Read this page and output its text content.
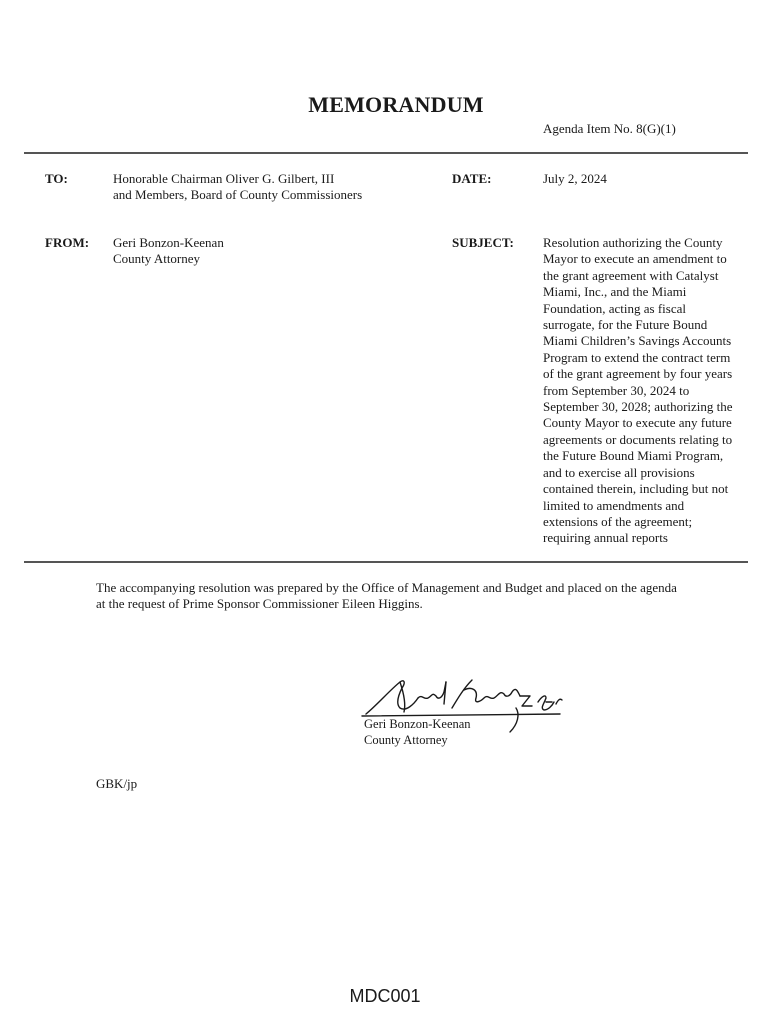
MEMORANDUM
Agenda Item No. 8(G)(1)
TO:	Honorable Chairman Oliver G. Gilbert, III
and Members, Board of County Commissioners
DATE:	July 2, 2024
FROM: Geri Bonzon-Keenan
County Attorney
SUBJECT: Resolution authorizing the County
Mayor to execute an amendment to
the grant agreement with Catalyst
Miami, Inc., and the Miami
Foundation, acting as fiscal
surrogate, for the Future Bound
Miami Children’s Savings Accounts
Program to extend the contract term
of the grant agreement by four years
from September 30, 2024 to
September 30, 2028; authorizing the
County Mayor to execute any future
agreements or documents relating to
the Future Bound Miami Program,
and to exercise all provisions
contained therein, including but not
limited to amendments and
extensions of the agreement;
requiring annual reports
The accompanying resolution was prepared by the Office of Management and Budget and placed on the agenda
at the request of Prime Sponsor Commissioner Eileen Higgins.
Geri Bonzon-Keenan
County Attorney
GBK/jp
MDC001
